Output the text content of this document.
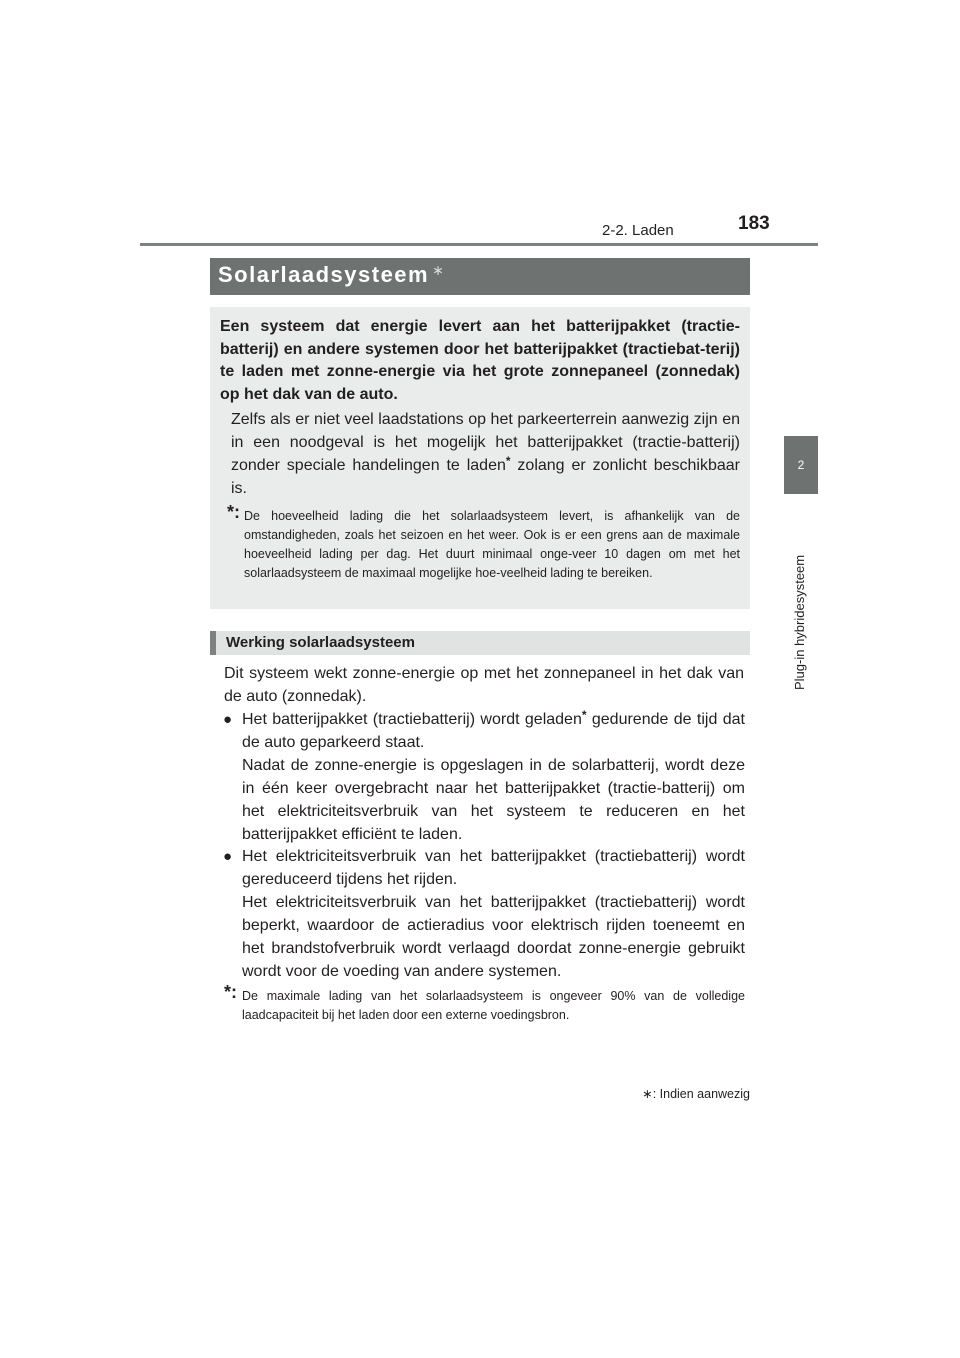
2-2. Laden	183
2
Plug-in hybridesysteem
Solarlaadsysteem ∗
Een systeem dat energie levert aan het batterijpakket (tractie-batterij) en andere systemen door het batterijpakket (tractiebat-terij) te laden met zonne-energie via het grote zonnepaneel (zonnedak) op het dak van de auto.
Zelfs als er niet veel laadstations op het parkeerterrein aanwezig zijn en in een noodgeval is het mogelijk het batterijpakket (tractie-batterij) zonder speciale handelingen te laden* zolang er zonlicht beschikbaar is.
*: De hoeveelheid lading die het solarlaadsysteem levert, is afhankelijk van de omstandigheden, zoals het seizoen en het weer. Ook is er een grens aan de maximale hoeveelheid lading per dag. Het duurt minimaal onge-veer 10 dagen om met het solarlaadsysteem de maximaal mogelijke hoe-veelheid lading te bereiken.
Werking solarlaadsysteem
Dit systeem wekt zonne-energie op met het zonnepaneel in het dak van de auto (zonnedak).
● Het batterijpakket (tractiebatterij) wordt geladen* gedurende de tijd dat de auto geparkeerd staat.
Nadat de zonne-energie is opgeslagen in de solarbatterij, wordt deze in één keer overgebracht naar het batterijpakket (tractie-batterij) om het elektriciteitsverbruik van het systeem te reduceren en het batterijpakket efficiënt te laden.
● Het elektriciteitsverbruik van het batterijpakket (tractiebatterij) wordt gereduceerd tijdens het rijden.
Het elektriciteitsverbruik van het batterijpakket (tractiebatterij) wordt beperkt, waardoor de actieradius voor elektrisch rijden toeneemt en het brandstofverbruik wordt verlaagd doordat zonne-energie gebruikt wordt voor de voeding van andere systemen.
*: De maximale lading van het solarlaadsysteem is ongeveer 90% van de volledige laadcapaciteit bij het laden door een externe voedingsbron.
∗: Indien aanwezig
